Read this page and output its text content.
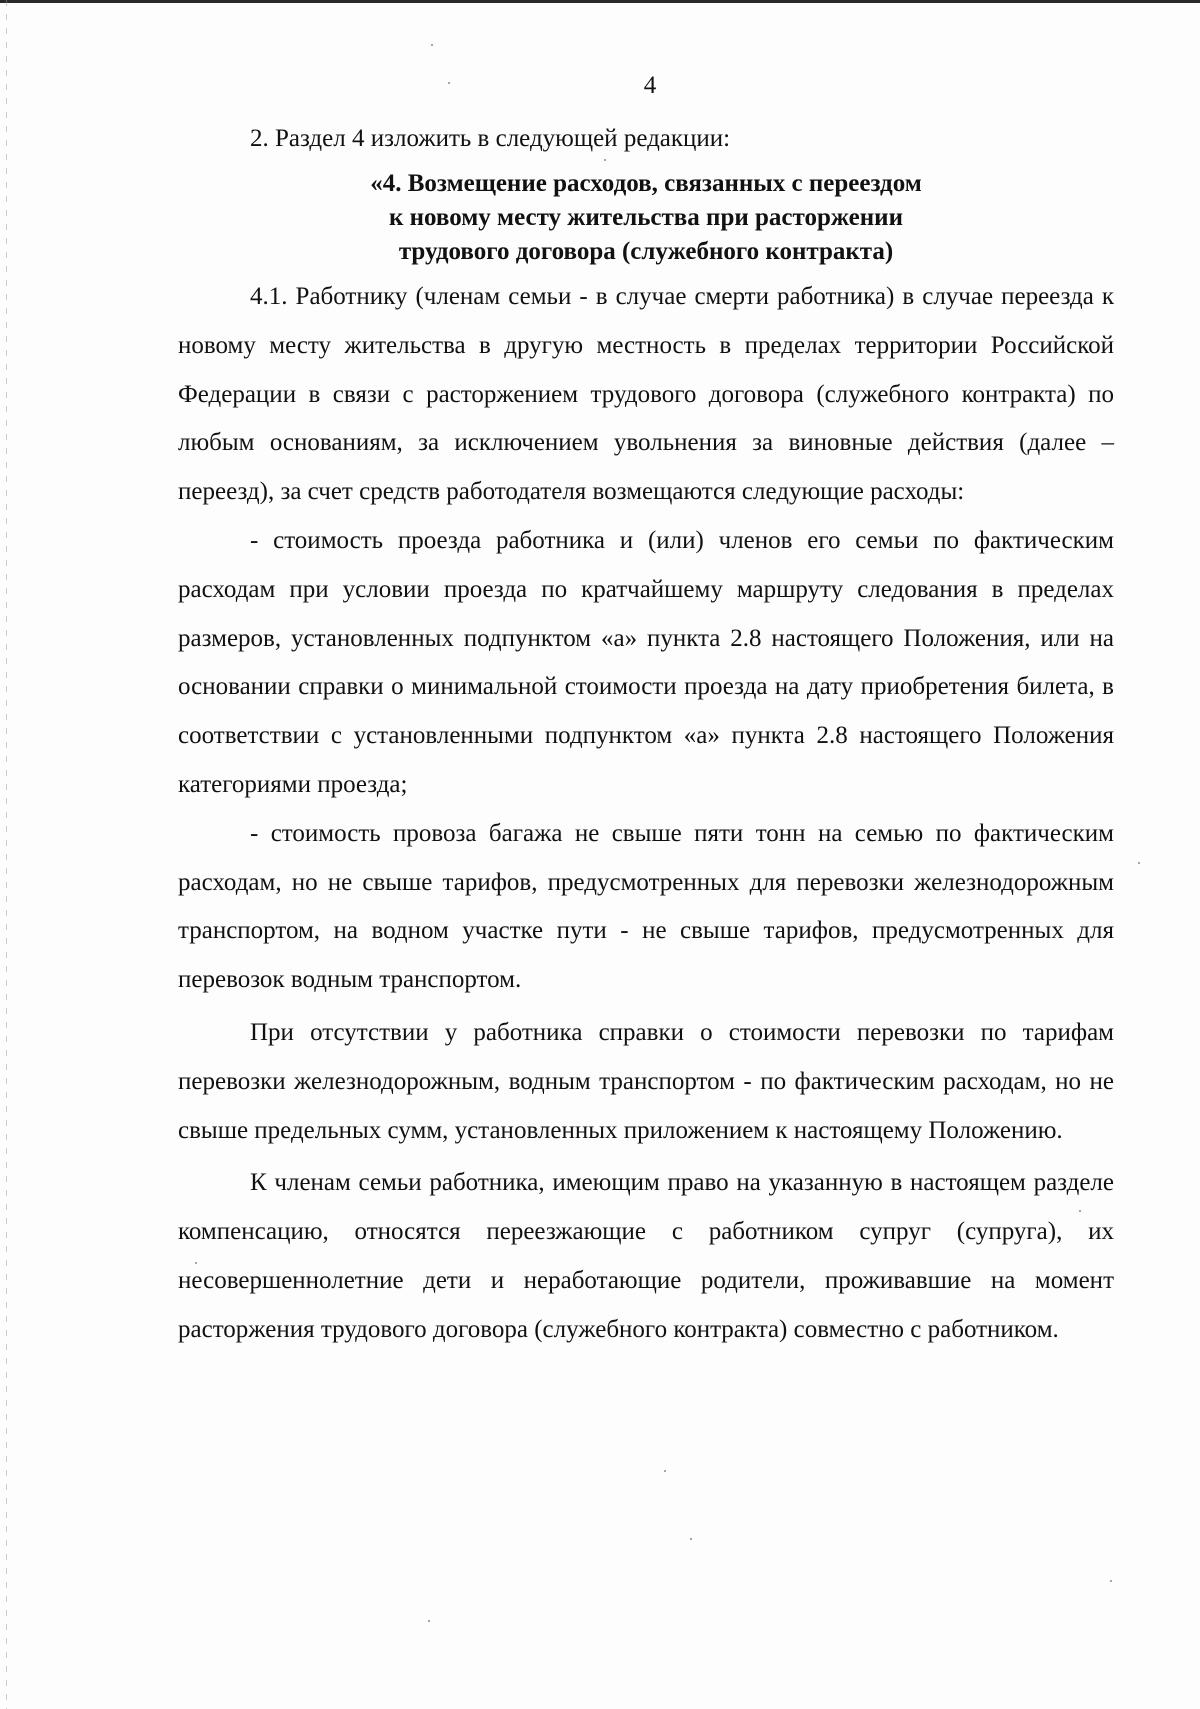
4

2. Раздел 4 изложить в следующей редакции:

«4. Возмещение расходов, связанных с переездом
к новому месту жительства при расторжении
трудового договора (служебного контракта)

4.1. Работнику (членам семьи - в случае смерти работника) в случае переезда к новому месту жительства в другую местность в пределах территории Российской Федерации в связи с расторжением трудового договора (служебного контракта) по любым основаниям, за исключением увольнения за виновные действия (далее – переезд), за счет средств работодателя возмещаются следующие расходы:

- стоимость проезда работника и (или) членов его семьи по фактическим расходам при условии проезда по кратчайшему маршруту следования в пределах размеров, установленных подпунктом «а» пункта 2.8 настоящего Положения, или на основании справки о минимальной стоимости проезда на дату приобретения билета, в соответствии с установленными подпунктом «а» пункта 2.8 настоящего Положения категориями проезда;

- стоимость провоза багажа не свыше пяти тонн на семью по фактическим расходам, но не свыше тарифов, предусмотренных для перевозки железнодорожным транспортом, на водном участке пути - не свыше тарифов, предусмотренных для перевозок водным транспортом.

При отсутствии у работника справки о стоимости перевозки по тарифам перевозки железнодорожным, водным транспортом - по фактическим расходам, но не свыше предельных сумм, установленных приложением к настоящему Положению.

К членам семьи работника, имеющим право на указанную в настоящем разделе компенсацию, относятся переезжающие с работником супруг (супруга), их несовершеннолетние дети и неработающие родители, проживавшие на момент расторжения трудового договора (служебного контракта) совместно с работником.
